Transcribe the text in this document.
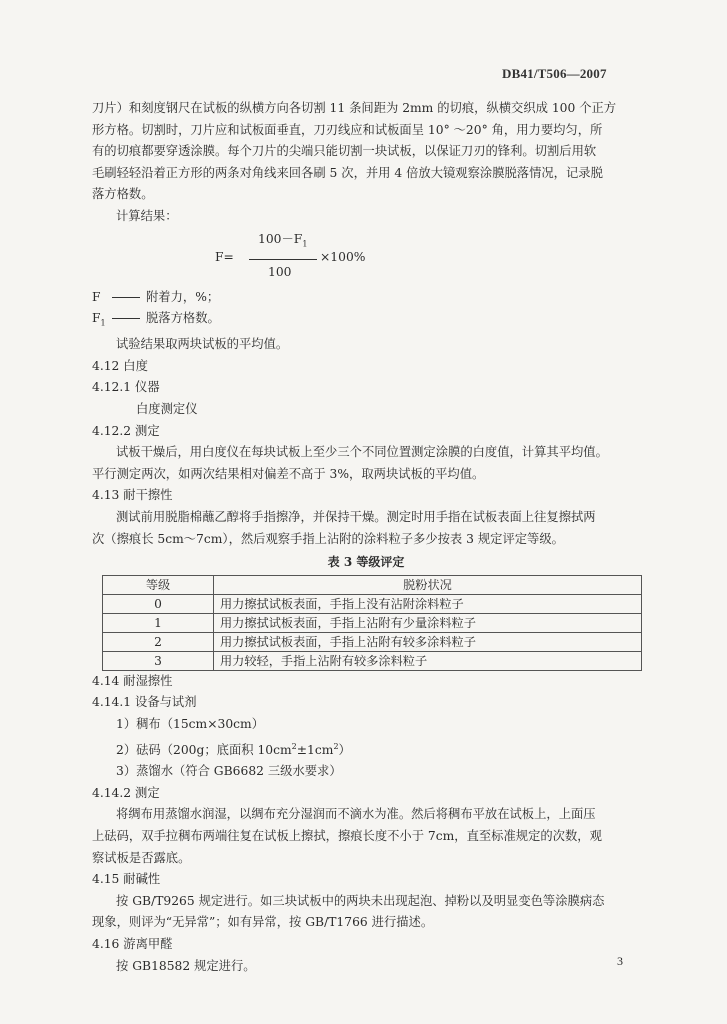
DB41/T506—2007

刀片）和刻度钢尺在试板的纵横方向各切割 11 条间距为 2mm 的切痕，纵横交织成 100 个正方

形方格。切割时，刀片应和试板面垂直，刀刃线应和试板面呈 10° ～20° 角，用力要均匀，所

有的切痕都要穿透涂膜。每个刀片的尖端只能切割一块试板，以保证刀刃的锋利。切割后用软

毛刷轻轻沿着正方形的两条对角线来回各刷 5 次，并用 4 倍放大镜观察涂膜脱落情况，记录脱

落方格数。

计算结果：

F=
$100-F_1$
100
×100%

F	附着力，%；

$F_1$	脱落方格数。

试验结果取两块试板的平均值。

4.12 白度

4.12.1 仪器

白度测定仪

4.12.2 测定

试板干燥后，用白度仪在每块试板上至少三个不同位置测定涂膜的白度值，计算其平均值。

平行测定两次，如两次结果相对偏差不高于 3%，取两块试板的平均值。

4.13 耐干擦性

测试前用脱脂棉蘸乙醇将手指擦净，并保持干燥。测定时用手指在试板表面上往复擦拭两

次（擦痕长 5cm～7cm），然后观察手指上沾附的涂料粒子多少按表 3 规定评定等级。

表 3 等级评定

等级	脱粉状况
0	用力擦拭试板表面，手指上没有沾附涂料粒子
1	用力擦拭试板表面，手指上沾附有少量涂料粒子
2	用力擦拭试板表面，手指上沾附有较多涂料粒子
3	用力较轻，手指上沾附有较多涂料粒子

4.14 耐湿擦性

4.14.1 设备与试剂

1）稠布（15cm×30cm）

2）砝码（200g；底面积 $10cm^2\pm 1cm^2$）

3）蒸馏水（符合 GB6682 三级水要求）

4.14.2 测定

将绸布用蒸馏水润湿，以绸布充分湿润而不滴水为准。然后将稠布平放在试板上，上面压

上砝码，双手拉稠布两端往复在试板上擦拭，擦痕长度不小于 7cm，直至标准规定的次数，观

察试板是否露底。

4.15 耐碱性

按 GB/T9265 规定进行。如三块试板中的两块未出现起泡、掉粉以及明显变色等涂膜病态

现象，则评为“无异常”；如有异常，按 GB/T1766 进行描述。

4.16 游离甲醛

按 GB18582 规定进行。	3
